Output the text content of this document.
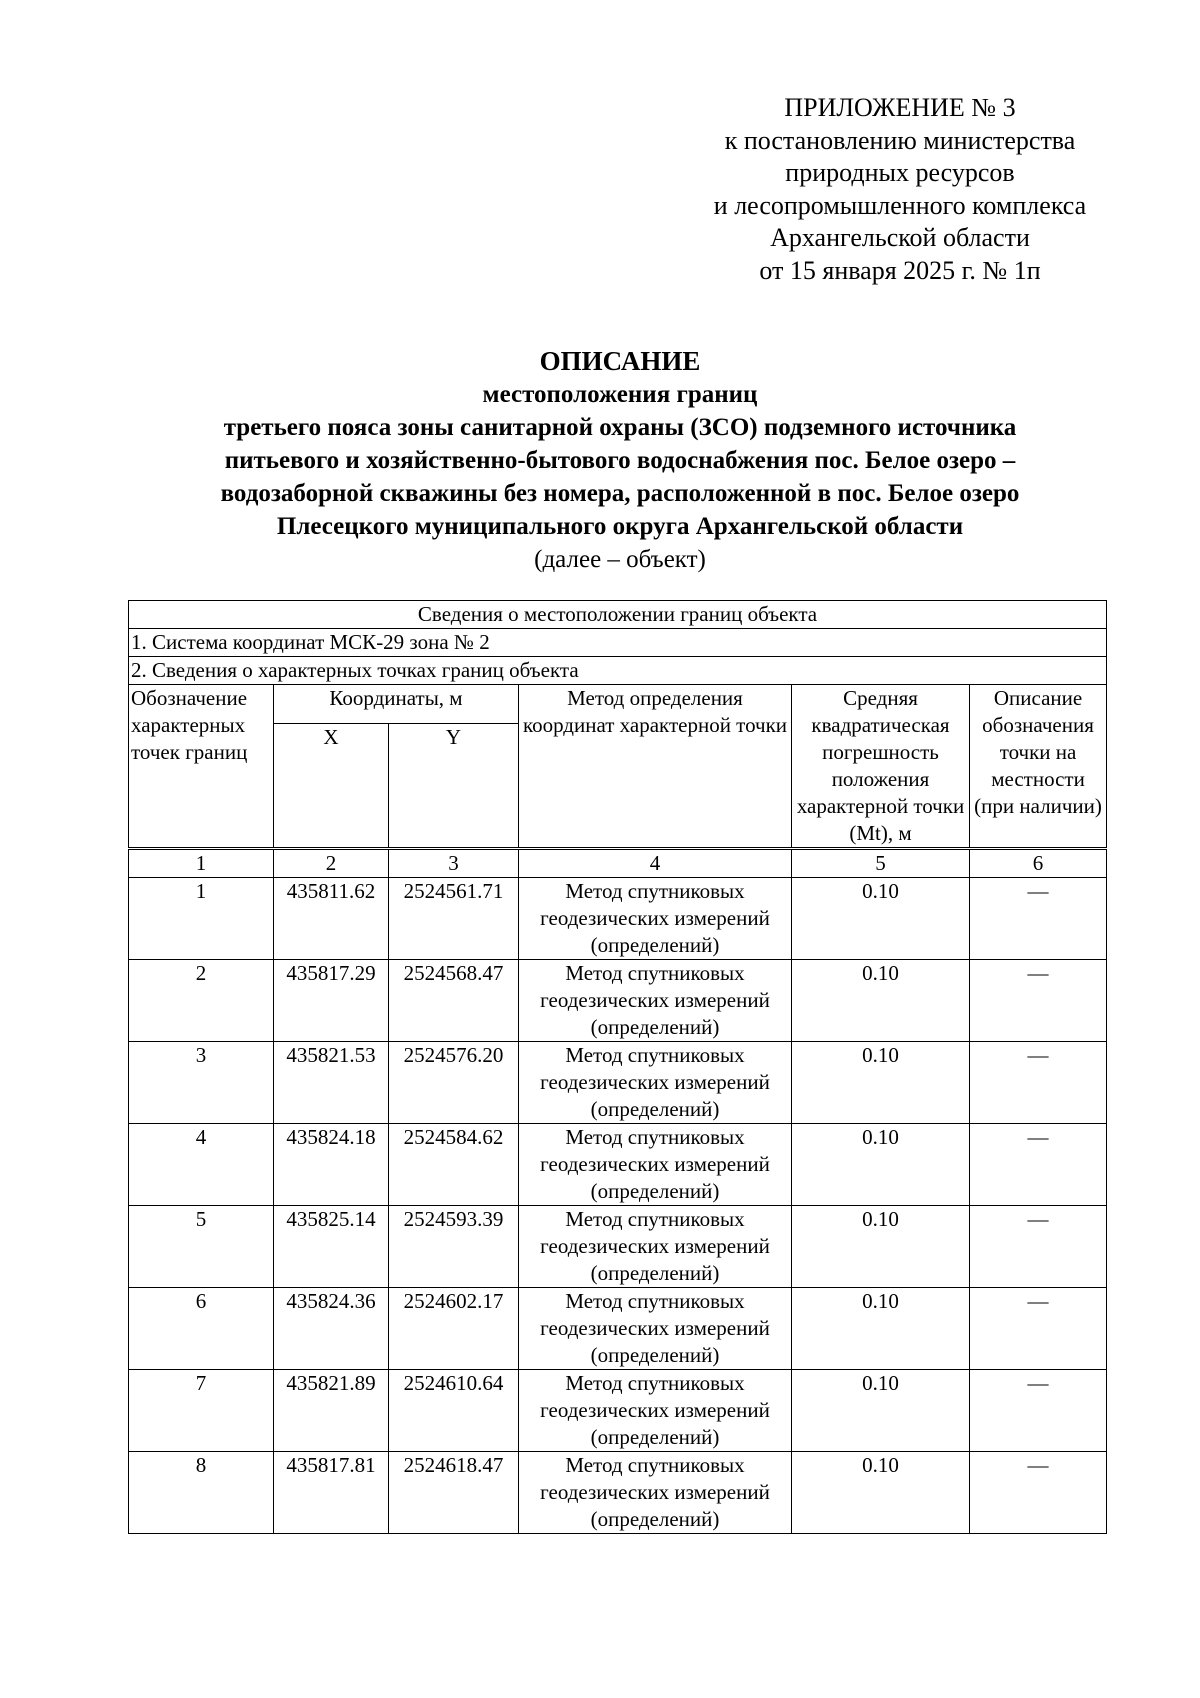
ПРИЛОЖЕНИЕ № 3
к постановлению министерства
природных ресурсов
и лесопромышленного комплекса
Архангельской области
от 15 января 2025 г. № 1п
ОПИСАНИЕ
местоположения границ
третьего пояса зоны санитарной охраны (ЗСО) подземного источника
питьевого и хозяйственно-бытового водоснабжения пос. Белое озеро –
водозаборной скважины без номера, расположенной в пос. Белое озеро
Плесецкого муниципального округа Архангельской области
(далее – объект)
Сведения о местоположении границ объекта					
1. Система координат МСК-29 зона № 2					
2. Сведения о характерных точках границ объекта					
Обозначение характерных точек границ	Координаты, м		Метод определения координат характерной точки	Средняя квадратическая погрешность положения характерной точки (Mt), м	Описание обозначения точки на местности (при наличии)
	X	Y			
1	2	3	4	5	6
1	435811.62	2524561.71	Метод спутниковых геодезических измерений (определений)	0.10	—
2	435817.29	2524568.47	Метод спутниковых геодезических измерений (определений)	0.10	—
3	435821.53	2524576.20	Метод спутниковых геодезических измерений (определений)	0.10	—
4	435824.18	2524584.62	Метод спутниковых геодезических измерений (определений)	0.10	—
5	435825.14	2524593.39	Метод спутниковых геодезических измерений (определений)	0.10	—
6	435824.36	2524602.17	Метод спутниковых геодезических измерений (определений)	0.10	—
7	435821.89	2524610.64	Метод спутниковых геодезических измерений (определений)	0.10	—
8	435817.81	2524618.47	Метод спутниковых геодезических измерений (определений)	0.10	—
